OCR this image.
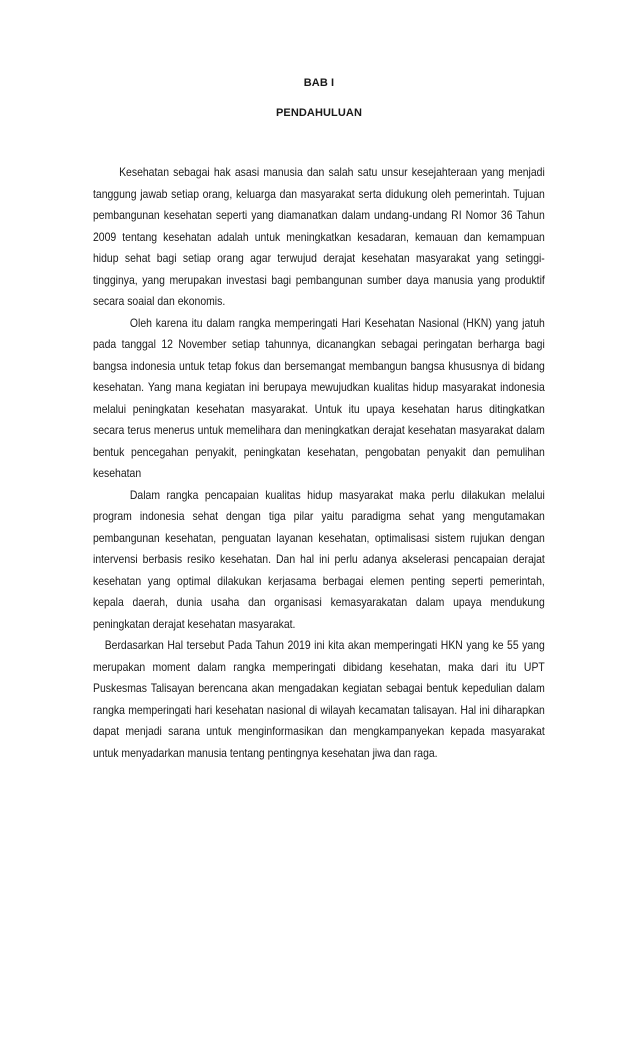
BAB I
PENDAHULUAN

Kesehatan sebagai hak asasi manusia dan salah satu unsur kesejahteraan yang menjadi tanggung jawab setiap orang, keluarga dan masyarakat serta didukung oleh pemerintah. Tujuan pembangunan kesehatan seperti yang diamanatkan dalam undang-undang RI Nomor 36 Tahun 2009 tentang kesehatan adalah untuk meningkatkan kesadaran, kemauan dan kemampuan hidup sehat bagi setiap orang agar terwujud derajat kesehatan masyarakat yang setinggi-tingginya, yang merupakan investasi bagi pembangunan sumber daya manusia yang produktif secara soaial dan ekonomis.

Oleh karena itu dalam rangka memperingati Hari Kesehatan Nasional (HKN) yang jatuh pada tanggal 12 November setiap tahunnya, dicanangkan sebagai peringatan berharga bagi bangsa indonesia untuk tetap fokus dan bersemangat membangun bangsa khususnya di bidang kesehatan. Yang mana kegiatan ini berupaya mewujudkan kualitas hidup masyarakat indonesia melalui peningkatan kesehatan masyarakat. Untuk itu upaya kesehatan harus ditingkatkan secara terus menerus untuk memelihara dan meningkatkan derajat kesehatan masyarakat dalam bentuk pencegahan penyakit, peningkatan kesehatan, pengobatan penyakit dan pemulihan kesehatan

Dalam rangka pencapaian kualitas hidup masyarakat maka perlu dilakukan melalui program indonesia sehat dengan tiga pilar yaitu paradigma sehat yang mengutamakan pembangunan kesehatan, penguatan layanan kesehatan, optimalisasi sistem rujukan dengan intervensi berbasis resiko kesehatan. Dan hal ini perlu adanya akselerasi pencapaian derajat kesehatan yang optimal dilakukan kerjasama berbagai elemen penting seperti pemerintah, kepala daerah, dunia usaha dan organisasi kemasyarakatan dalam upaya mendukung peningkatan derajat kesehatan masyarakat.

Berdasarkan Hal tersebut Pada Tahun 2019 ini kita akan memperingati HKN yang ke 55 yang merupakan moment dalam rangka memperingati dibidang kesehatan, maka dari itu UPT Puskesmas Talisayan berencana akan mengadakan kegiatan sebagai bentuk kepedulian dalam rangka memperingati hari kesehatan nasional di wilayah kecamatan talisayan. Hal ini diharapkan dapat menjadi sarana untuk menginformasikan dan mengkampanyekan kepada masyarakat untuk menyadarkan manusia tentang pentingnya kesehatan jiwa dan raga.
